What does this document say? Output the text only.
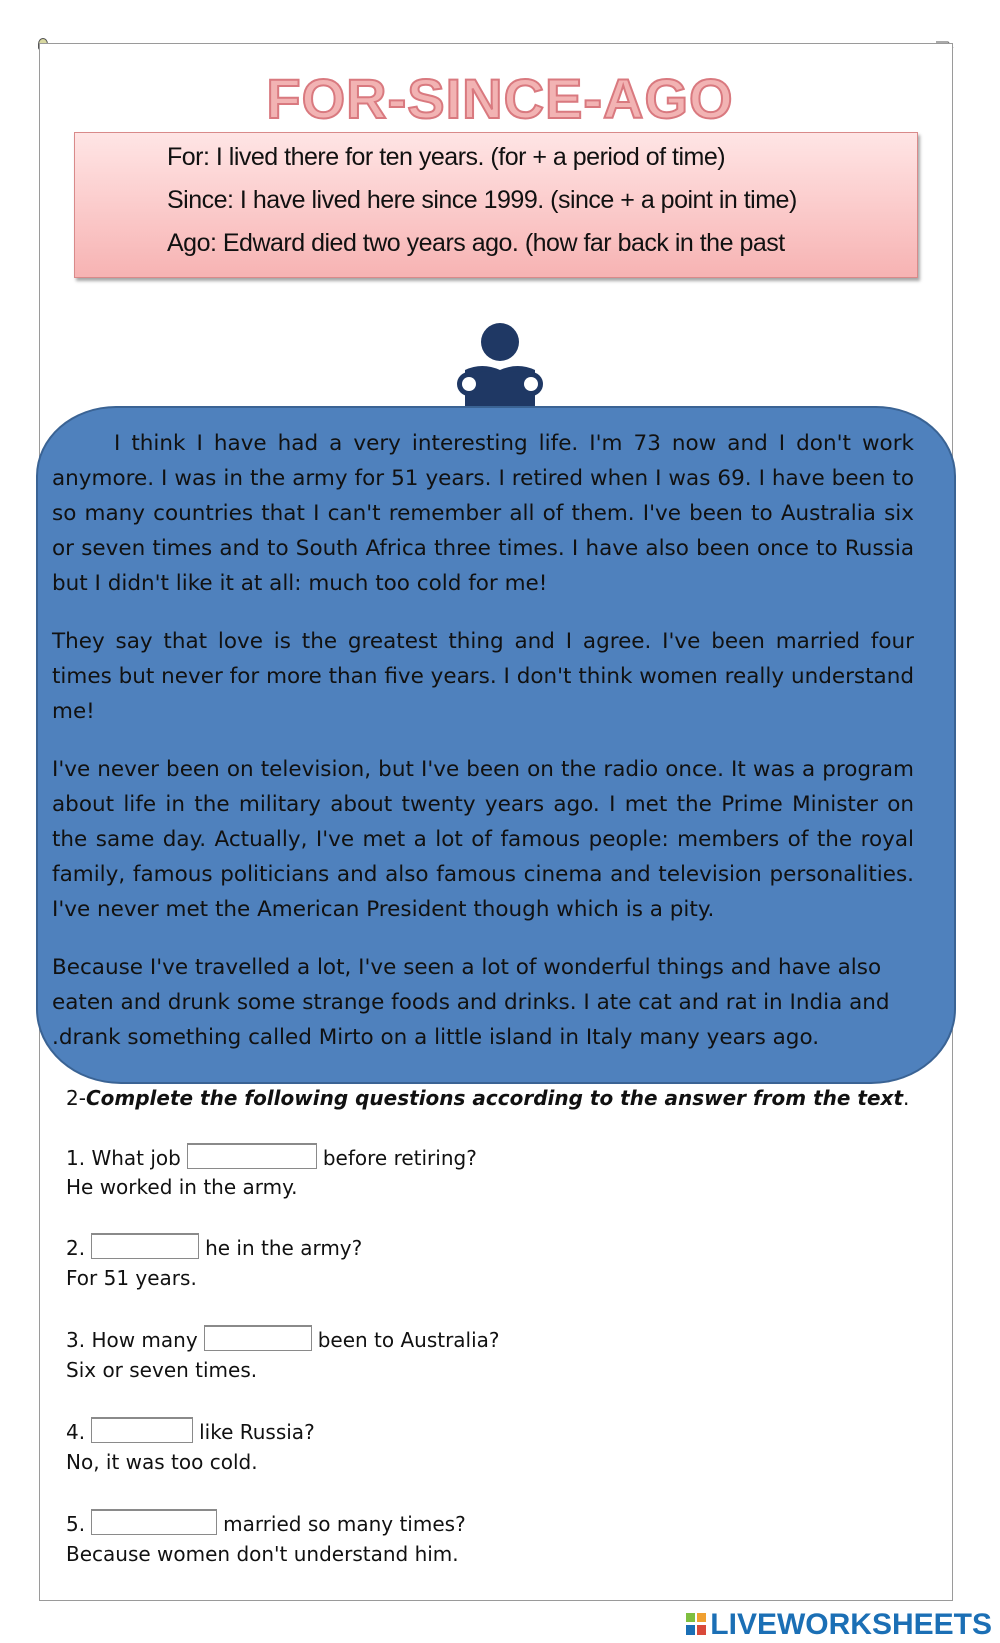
FOR-SINCE-AGO
For: I lived there for ten years. (for + a period of time)
Since: I have lived here since 1999. (since + a point in time)
Ago: Edward died two years ago. (how far back in the past

I think I have had a very interesting life. I'm 73 now and I don't work anymore. I was in the army for 51 years. I retired when I was 69. I have been to so many countries that I can't remember all of them. I've been to Australia six or seven times and to South Africa three times. I have also been once to Russia but I didn't like it at all: much too cold for me!

They say that love is the greatest thing and I agree. I've been married four times but never for more than five years. I don't think women really understand me!

I've never been on television, but I've been on the radio once. It was a program about life in the military about twenty years ago. I met the Prime Minister on the same day. Actually, I've met a lot of famous people: members of the royal family, famous politicians and also famous cinema and television personalities. I've never met the American President though which is a pity.

Because I've travelled a lot, I've seen a lot of wonderful things and have also eaten and drunk some strange foods and drinks. I ate cat and rat in India and .drank something called Mirto on a little island in Italy many years ago.

2-Complete the following questions according to the answer from the text.
1. What job	before retiring?
He worked in the army.
2.	he in the army?
For 51 years.
3. How many	been to Australia?
Six or seven times.
4.	like Russia?
No, it was too cold.
5.	married so many times?
Because women don't understand him.
LIVEWORKSHEETS
